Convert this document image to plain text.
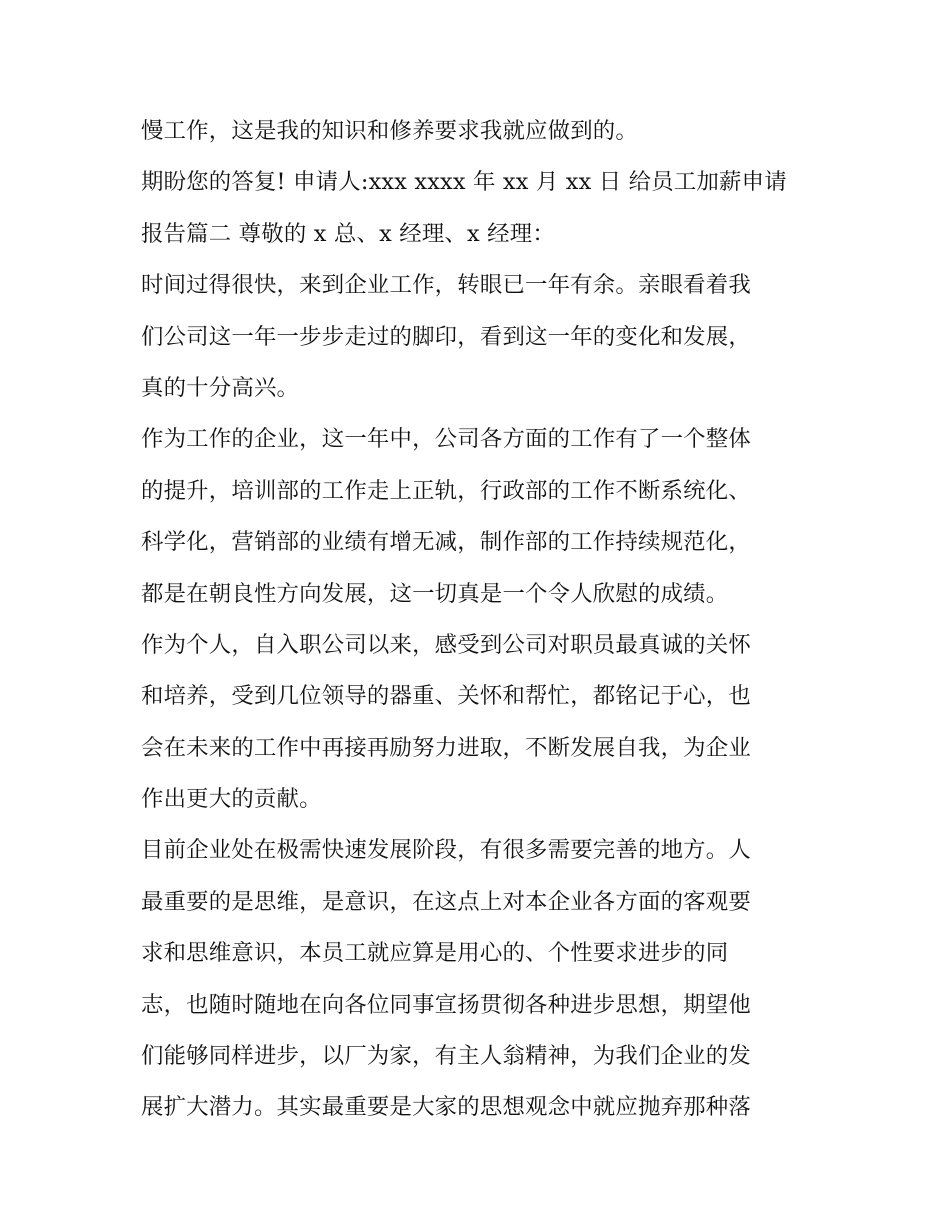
慢工作，这是我的知识和修养要求我就应做到的。
期盼您的答复! 申请人:xxx xxxx 年 xx 月 xx 日 给员工加薪申请
报告篇二 尊敬的 x 总、x 经理、x 经理：
时间过得很快，来到企业工作，转眼已一年有余。亲眼看着我
们公司这一年一步步走过的脚印，看到这一年的变化和发展，
真的十分高兴。
作为工作的企业，这一年中，公司各方面的工作有了一个整体
的提升，培训部的工作走上正轨，行政部的工作不断系统化、
科学化，营销部的业绩有增无减，制作部的工作持续规范化，
都是在朝良性方向发展，这一切真是一个令人欣慰的成绩。
作为个人，自入职公司以来，感受到公司对职员最真诚的关怀
和培养，受到几位领导的器重、关怀和帮忙，都铭记于心，也
会在未来的工作中再接再励努力进取，不断发展自我，为企业
作出更大的贡献。
目前企业处在极需快速发展阶段，有很多需要完善的地方。人
最重要的是思维，是意识，在这点上对本企业各方面的客观要
求和思维意识，本员工就应算是用心的、个性要求进步的同
志，也随时随地在向各位同事宣扬贯彻各种进步思想，期望他
们能够同样进步，以厂为家，有主人翁精神，为我们企业的发
展扩大潜力。其实最重要是大家的思想观念中就应抛弃那种落
